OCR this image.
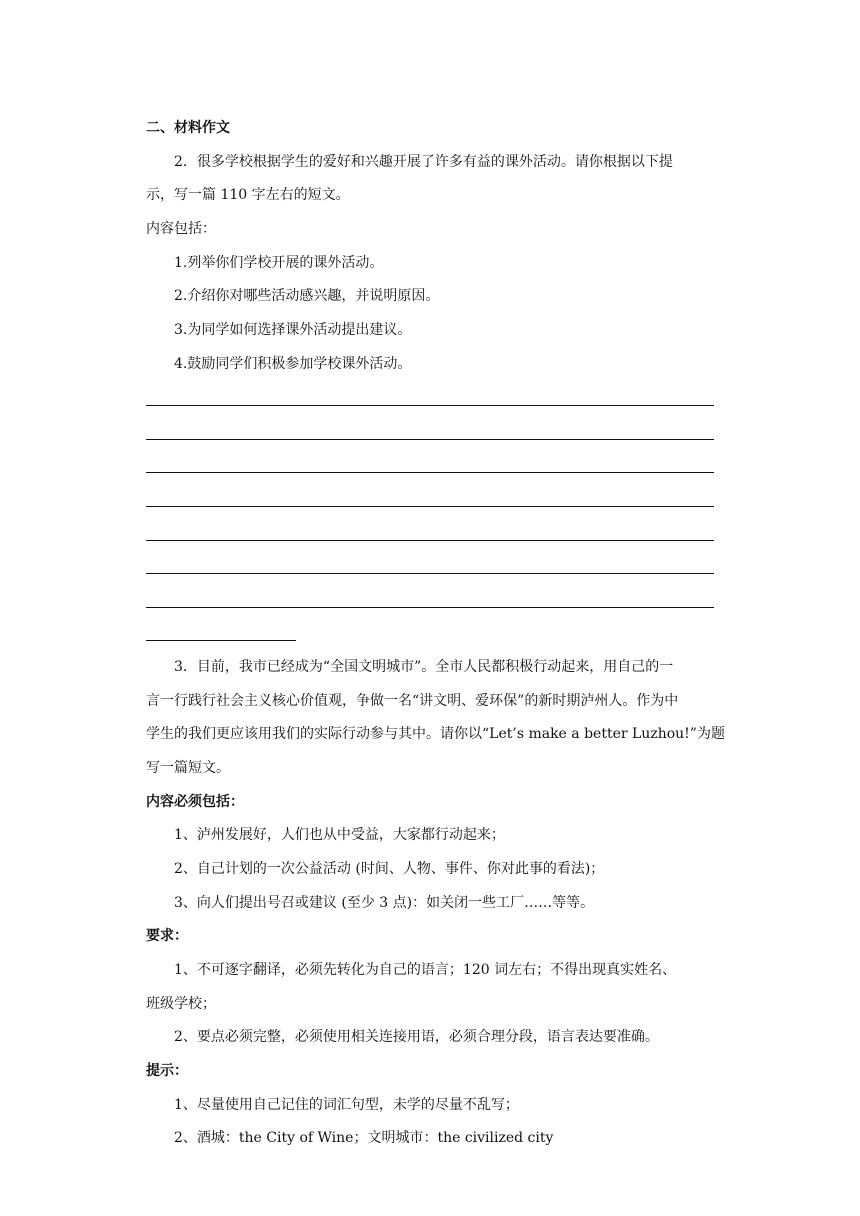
二、材料作文
2．很多学校根据学生的爱好和兴趣开展了许多有益的课外活动。请你根据以下提
示，写一篇 110 字左右的短文。
内容包括：
1.列举你们学校开展的课外活动。
2.介绍你对哪些活动感兴趣，并说明原因。
3.为同学如何选择课外活动提出建议。
4.鼓励同学们积极参加学校课外活动。
3．目前，我市已经成为“全国文明城市”。全市人民都积极行动起来，用自己的一
言一行践行社会主义核心价值观，争做一名“讲文明、爱环保”的新时期泸州人。作为中
学生的我们更应该用我们的实际行动参与其中。请你以“Let’s make a better Luzhou!”为题
写一篇短文。
内容必须包括：
1、泸州发展好，人们也从中受益，大家都行动起来；
2、自己计划的一次公益活动 (时间、人物、事件、你对此事的看法)；
3、向人们提出号召或建议 (至少 3 点)：如关闭一些工厂……等等。
要求：
1、不可逐字翻译，必须先转化为自己的语言；120 词左右；不得出现真实姓名、
班级学校；
2、要点必须完整，必须使用相关连接用语，必须合理分段，语言表达要准确。
提示：
1、尽量使用自己记住的词汇句型，未学的尽量不乱写；
2、酒城：the City of Wine；文明城市：the civilized city
